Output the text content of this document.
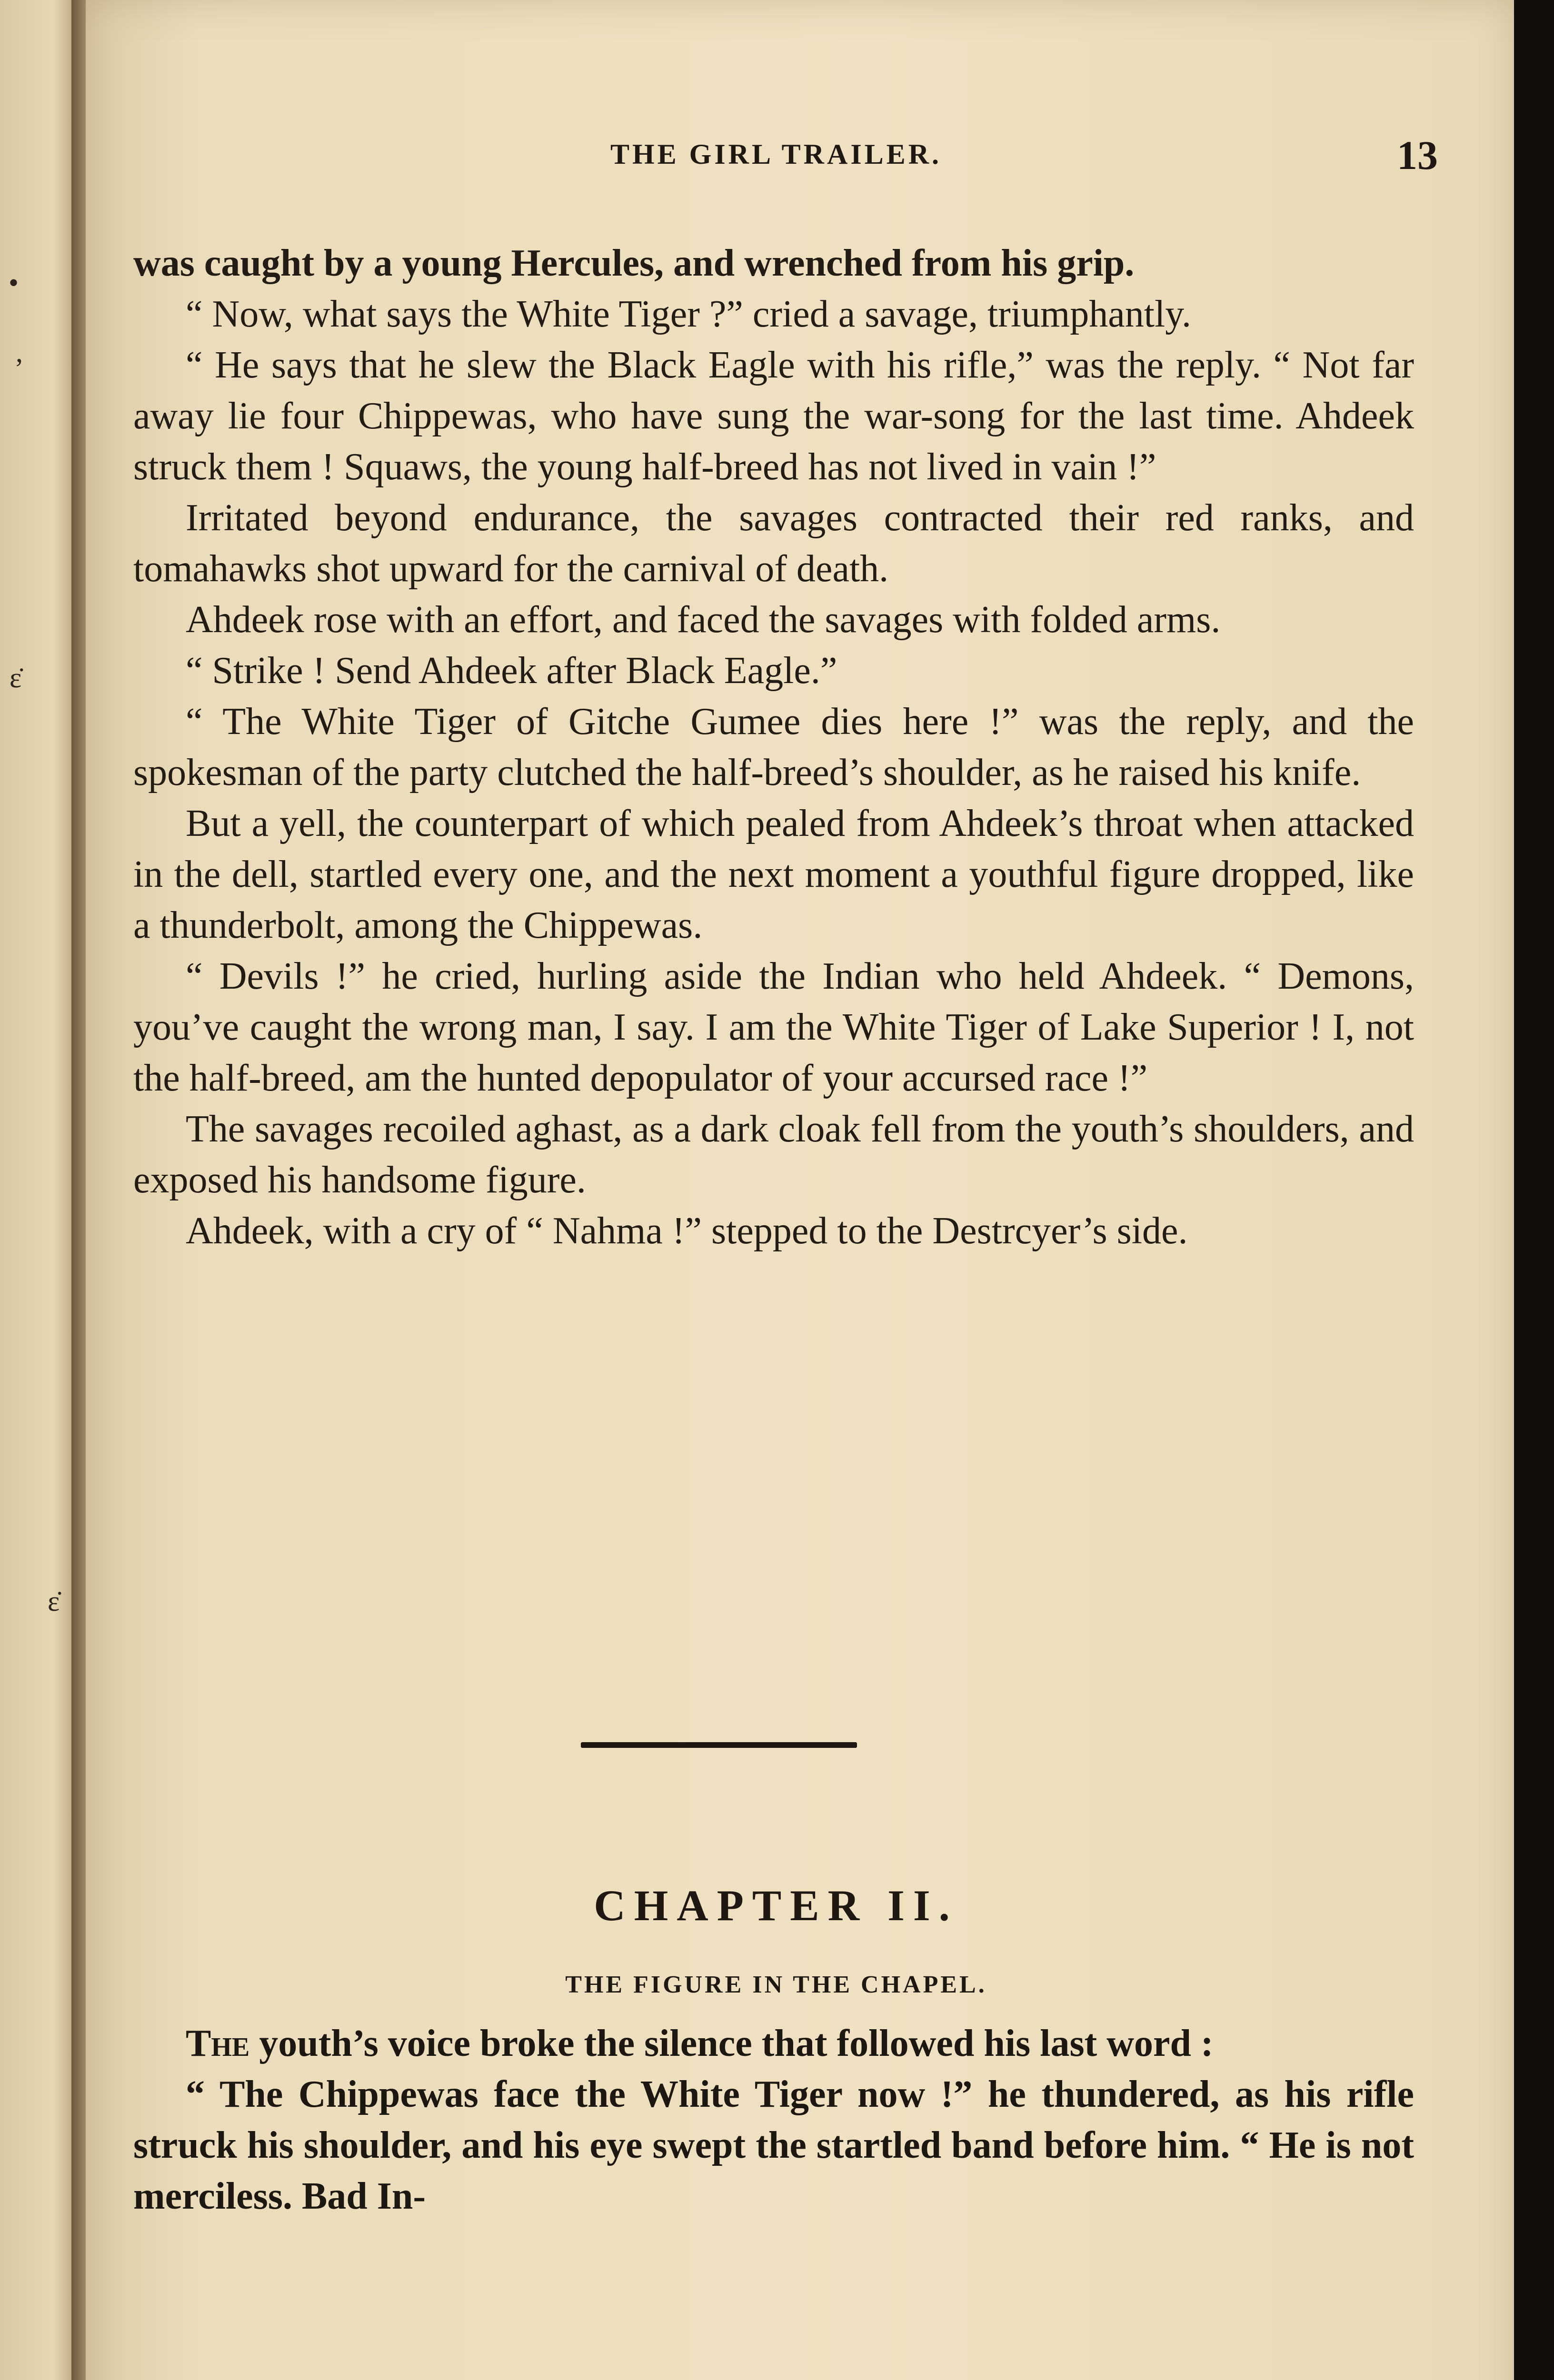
•
’
ɛ̇
ɛ̇
THE GIRL TRAILER.	13

was caught by a young Hercules, and wrenched from his grip.

“ Now, what says the White Tiger ?” cried a savage, triumphantly.

“ He says that he slew the Black Eagle with his rifle,” was the reply. “ Not far away lie four Chippewas, who have sung the war-song for the last time. Ahdeek struck them ! Squaws, the young half-breed has not lived in vain !”

Irritated beyond endurance, the savages contracted their red ranks, and tomahawks shot upward for the carnival of death.

Ahdeek rose with an effort, and faced the savages with folded arms.

“ Strike ! Send Ahdeek after Black Eagle.”

“ The White Tiger of Gitche Gumee dies here !” was the reply, and the spokesman of the party clutched the half-breed’s shoulder, as he raised his knife.

But a yell, the counterpart of which pealed from Ahdeek’s throat when attacked in the dell, startled every one, and the next moment a youthful figure dropped, like a thunderbolt, among the Chippewas.

“ Devils !” he cried, hurling aside the Indian who held Ahdeek. “ Demons, you’ve caught the wrong man, I say. I am the White Tiger of Lake Superior ! I, not the half-breed, am the hunted depopulator of your accursed race !”

The savages recoiled aghast, as a dark cloak fell from the youth’s shoulders, and exposed his handsome figure.

Ahdeek, with a cry of “ Nahma !” stepped to the Destrcyer’s side.

CHAPTER II.
THE FIGURE IN THE CHAPEL.

The youth’s voice broke the silence that followed his last word :

“ The Chippewas face the White Tiger now !” he thundered, as his rifle struck his shoulder, and his eye swept the startled band before him. “ He is not merciless. Bad In-
